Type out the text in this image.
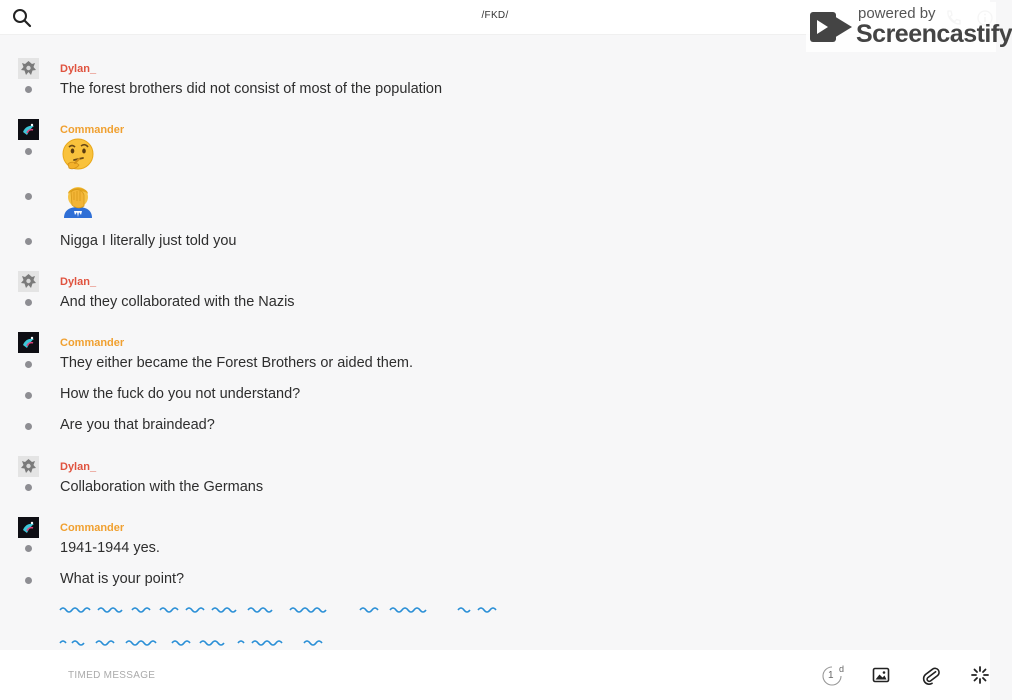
/FKD/	powered by
Screencastify
Dylan_
The forest brothers did not consist of most of the population
Commander
Nigga I literally just told you
Dylan_
And they collaborated with the Nazis
Commander
They either became the Forest Brothers or aided them.
How the fuck do you not understand?
Are you that braindead?
Dylan_
Collaboration with the Germans
Commander
1941-1944 yes.
What is your point?
TIMED MESSAGE	1
d
